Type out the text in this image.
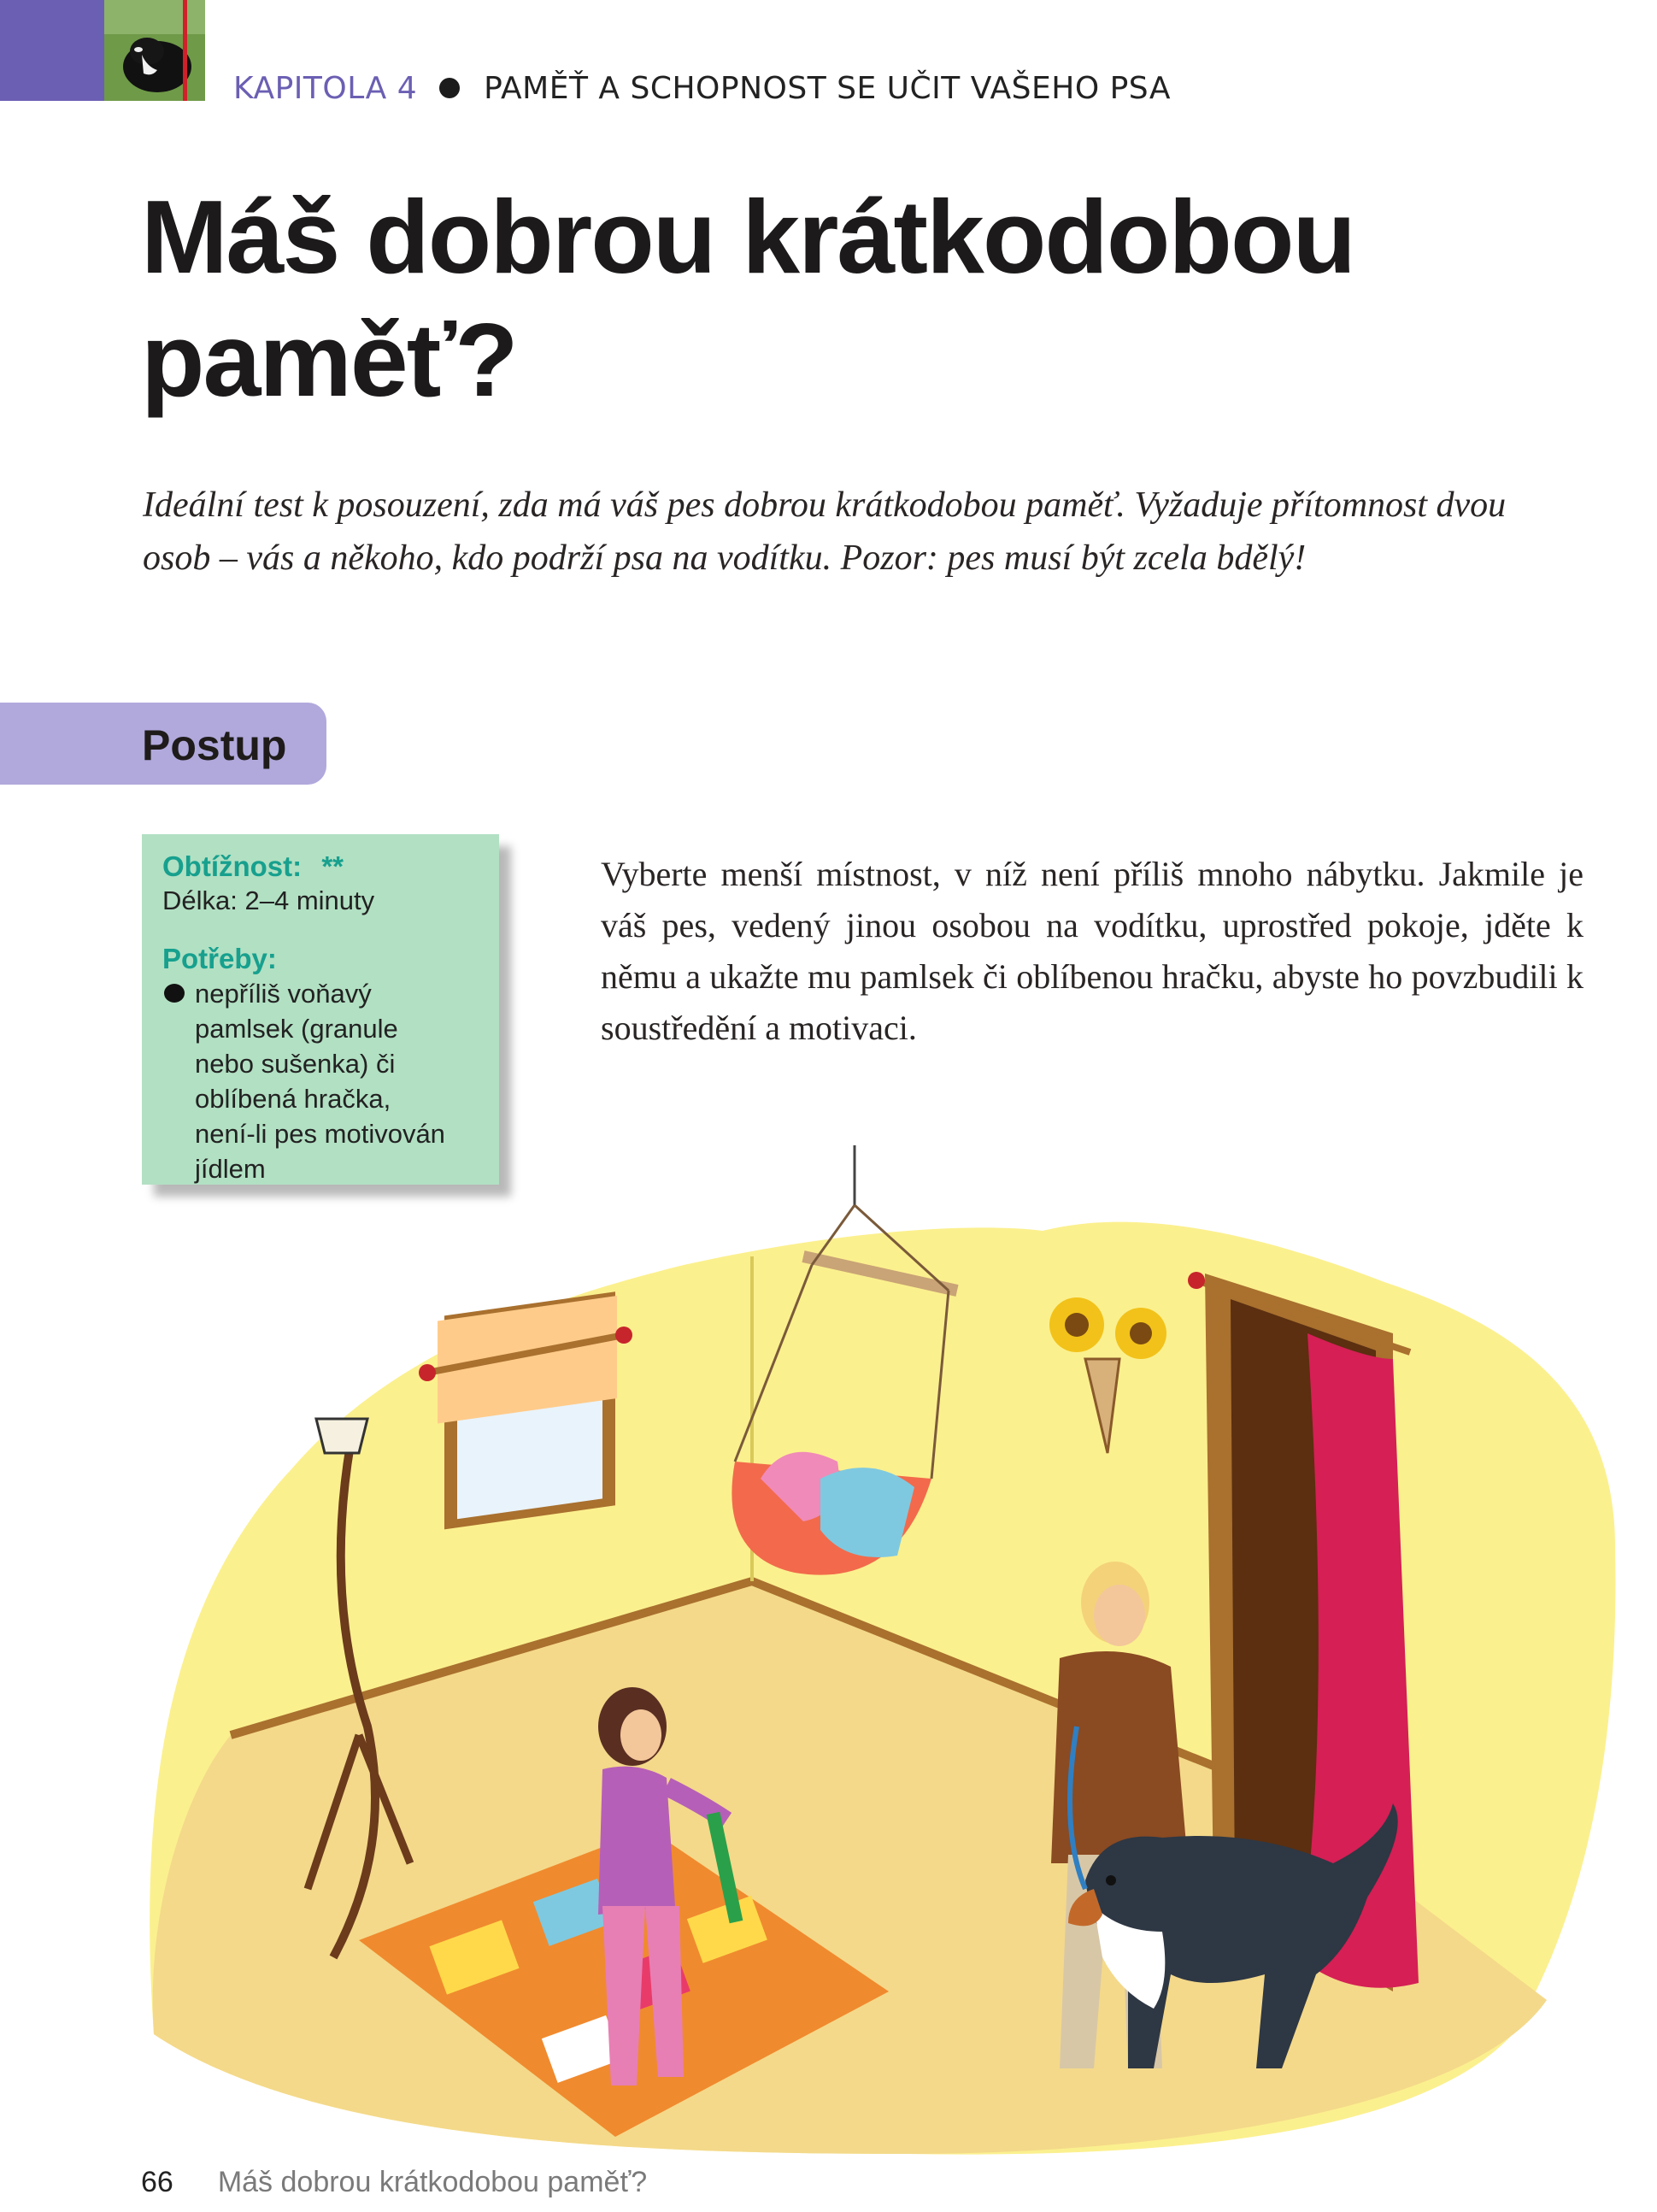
KAPITOLA 4 PAMĚŤ A SCHOPNOST SE UČIT VAŠEHO PSA
Máš dobrou krátkodobou paměť?

Ideální test k posouzení, zda má váš pes dobrou krátkodobou paměť. Vyžaduje přítomnost dvou osob – vás a někoho, kdo podrží psa na vodítku. Pozor: pes musí být zcela bdělý!

Postup
Obtížnost: **
Délka: 2–4 minuty
Potřeby:
nepříliš voňavý pamlsek (granule nebo sušenka) či oblíbená hračka, není-li pes motivován jídlem

Vyberte menší místnost, v níž není příliš mnoho nábytku. Jakmile je váš pes, vedený jinou osobou na vodítku, uprostřed pokoje, jděte k němu a ukažte mu pamlsek či oblíbenou hračku, abyste ho povzbudili k soustředění a motivaci.

66 Máš dobrou krátkodobou paměť?
